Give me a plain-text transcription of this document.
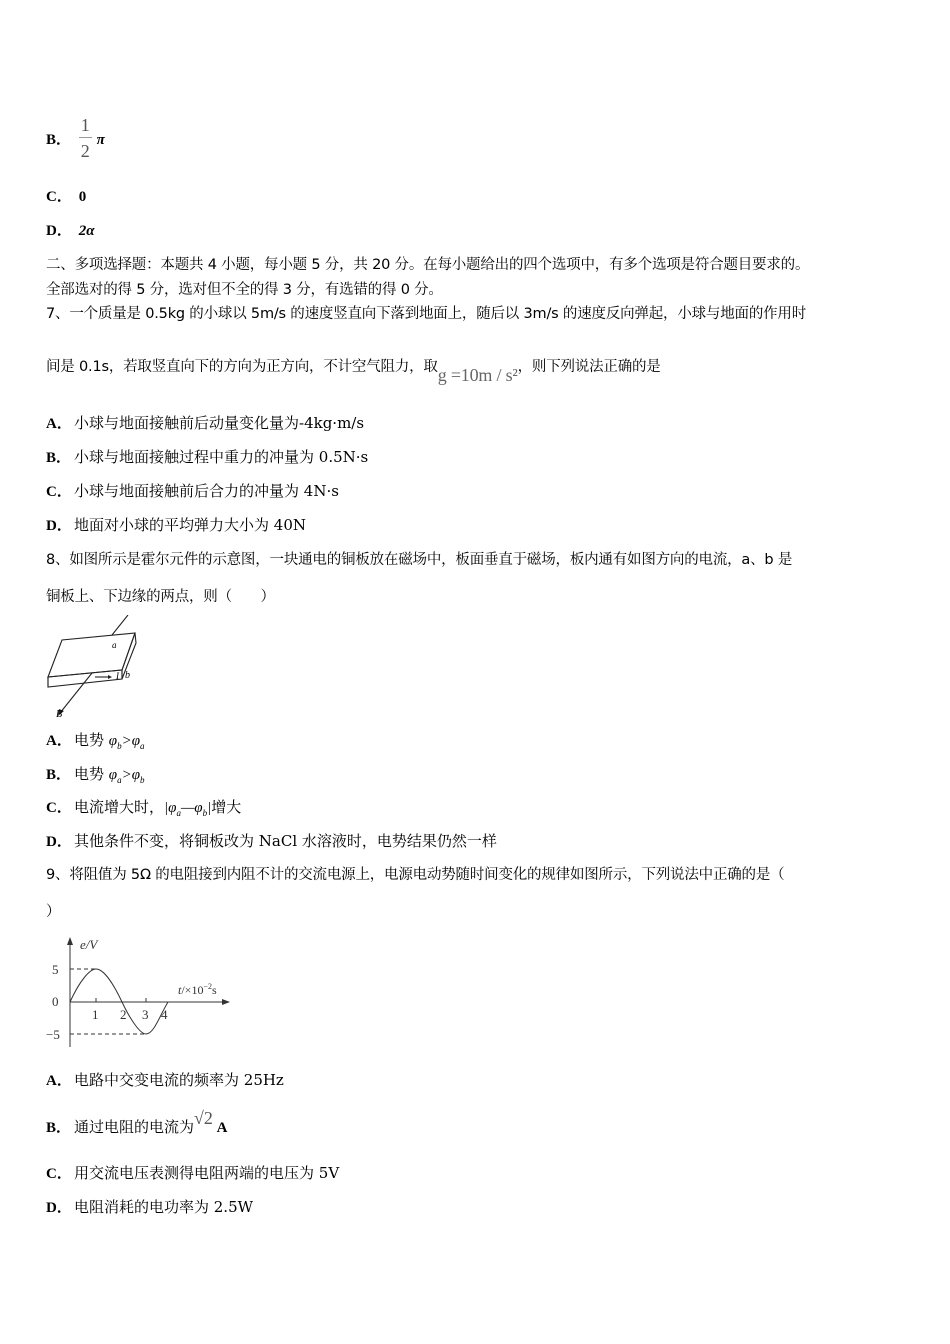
B． $\frac{1}{2}$ π
C． 0
D． 2α
二、多项选择题：本题共 4 小题，每小题 5 分，共 20 分。在每小题给出的四个选项中，有多个选项是符合题目要求的。
全部选对的得 5 分，选对但不全的得 3 分，有选错的得 0 分。
7、一个质量是 0.5kg 的小球以 5m/s 的速度竖直向下落到地面上，随后以 3m/s 的速度反向弹起，小球与地面的作用时
间是 0.1s，若取竖直向下的方向为正方向，不计空气阻力，取g =10m / s²，则下列说法正确的是
A． 小球与地面接触前后动量变化量为-4kg·m/s
B． 小球与地面接触过程中重力的冲量为 0.5N·s
C． 小球与地面接触前后合力的冲量为 4N·s
D． 地面对小球的平均弹力大小为 40N
8、如图所示是霍尔元件的示意图，一块通电的铜板放在磁场中，板面垂直于磁场，板内通有如图方向的电流，a、b 是
铜板上、下边缘的两点，则（　　）
a
I b
B
A． 电势 $\varphi_b>\varphi_a$
B． 电势 $\varphi_a>\varphi_b$
C． 电流增大时，$|\varphi_a—\varphi_b|$增大
D． 其他条件不变，将铜板改为 NaCl 水溶液时，电势结果仍然一样
9、将阻值为 5Ω 的电阻接到内阻不计的交流电源上，电源电动势随时间变化的规律如图所示，下列说法中正确的是（
）
e/V
5
0
−5
1 2 3 4
$t/\times 10^{-2}s$
A． 电路中交变电流的频率为 25Hz
B． 通过电阻的电流为√2 A
C． 用交流电压表测得电阻两端的电压为 5V
D． 电阻消耗的电功率为 2.5W
